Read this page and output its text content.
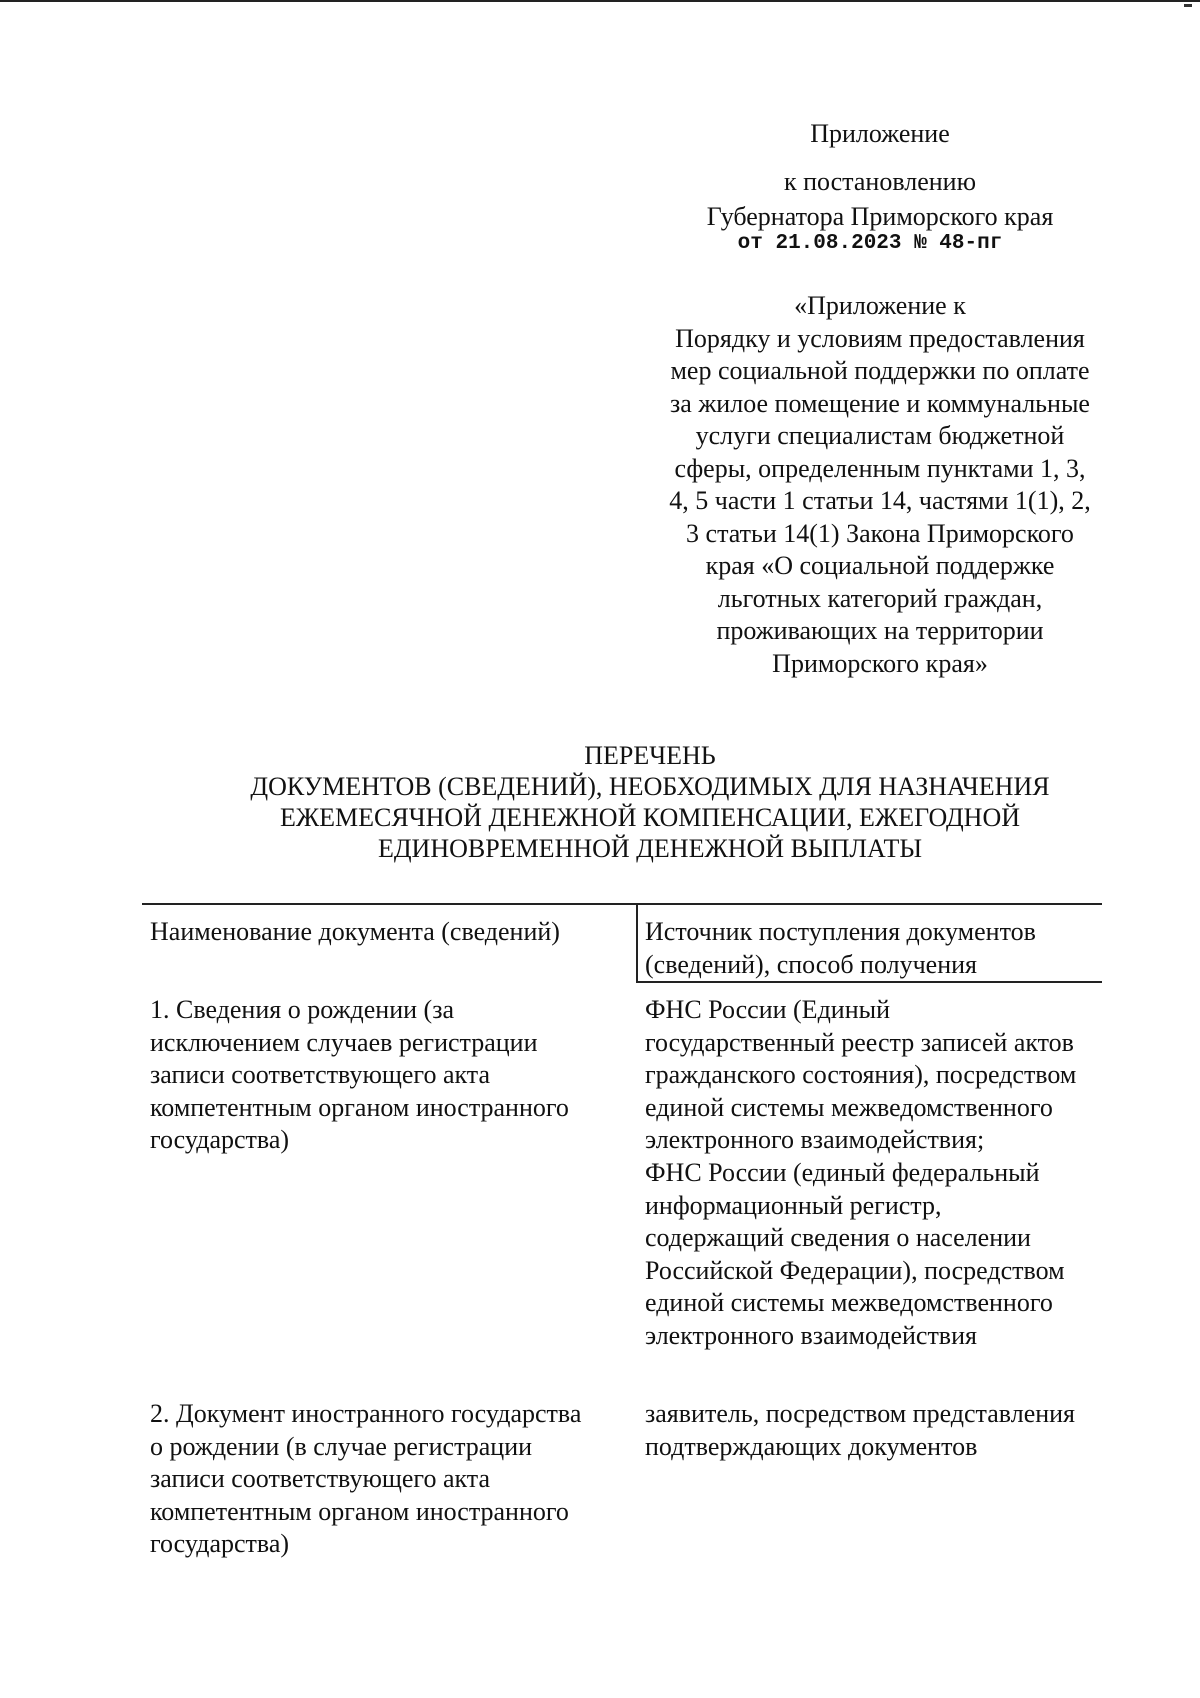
Приложение
к постановлению
Губернатора Приморского края
от 21.08.2023 № 48-пг
«Приложение к
Порядку и условиям предоставления
мер социальной поддержки по оплате
за жилое помещение и коммунальные
услуги специалистам бюджетной
сферы, определенным пунктами 1, 3,
4, 5 части 1 статьи 14, частями 1(1), 2,
3 статьи 14(1) Закона Приморского
края «О социальной поддержке
льготных категорий граждан,
проживающих на территории
Приморского края»
ПЕРЕЧЕНЬ
ДОКУМЕНТОВ (СВЕДЕНИЙ), НЕОБХОДИМЫХ ДЛЯ НАЗНАЧЕНИЯ
ЕЖЕМЕСЯЧНОЙ ДЕНЕЖНОЙ КОМПЕНСАЦИИ, ЕЖЕГОДНОЙ
ЕДИНОВРЕМЕННОЙ ДЕНЕЖНОЙ ВЫПЛАТЫ
Наименование документа (сведений)	Источник поступления документов
(сведений), способ получения
1. Сведения о рождении (за
исключением случаев регистрации
записи соответствующего акта
компетентным органом иностранного
государства)
ФНС России (Единый
государственный реестр записей актов
гражданского состояния), посредством
единой системы межведомственного
электронного взаимодействия;
ФНС России (единый федеральный
информационный регистр,
содержащий сведения о населении
Российской Федерации), посредством
единой системы межведомственного
электронного взаимодействия
2. Документ иностранного государства
о рождении (в случае регистрации
записи соответствующего акта
компетентным органом иностранного
государства)
заявитель, посредством представления
подтверждающих документов
